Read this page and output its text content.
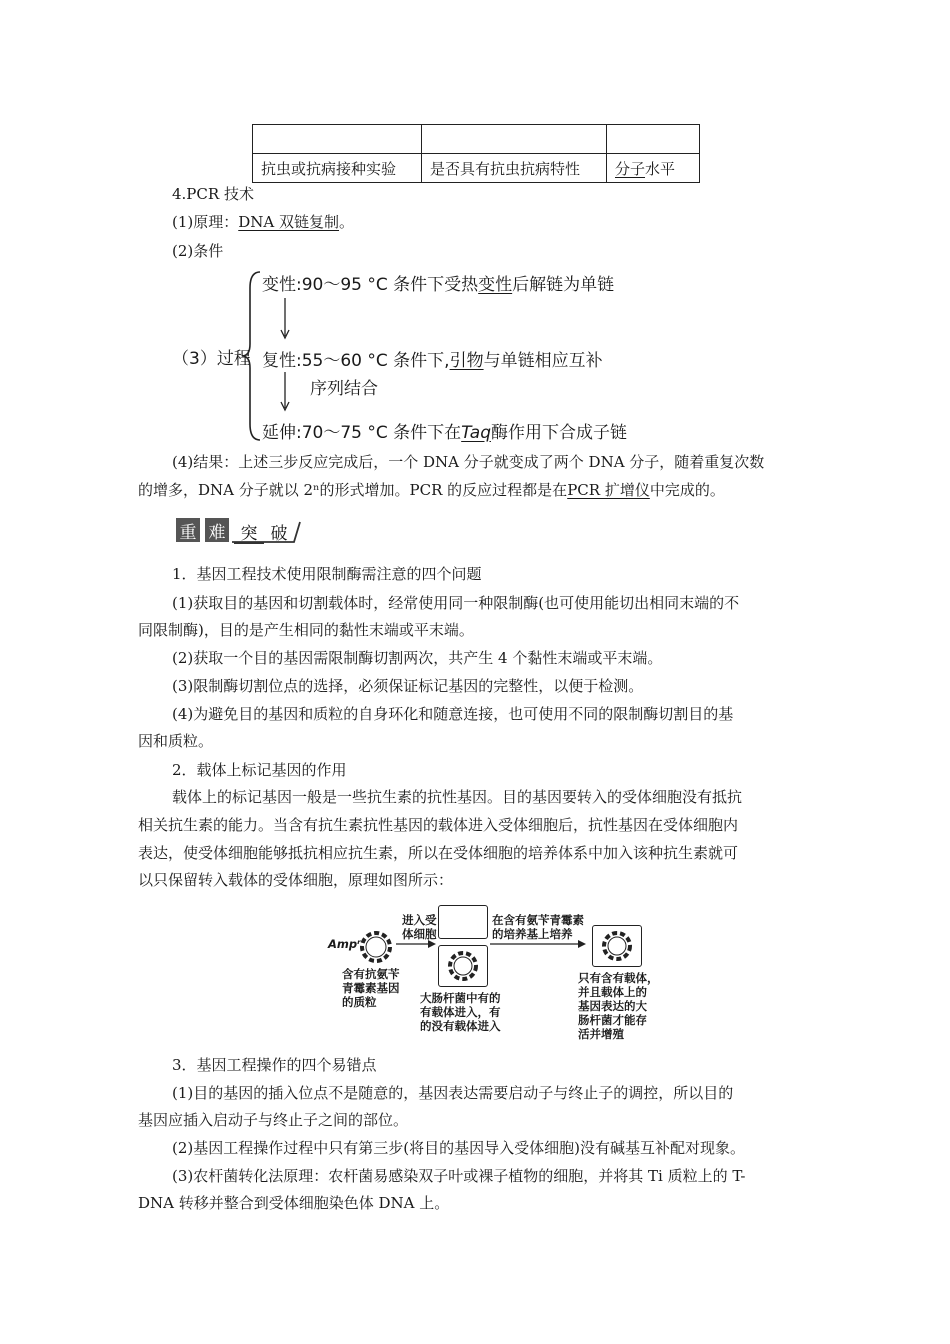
抗虫或抗病接种实验	是否具有抗虫抗病特性	分子水平
4.PCR 技术
(1)原理：DNA 双链复制。
(2)条件
（3）过程
变性:90～95 °C 条件下受热变性后解链为单链
复性:55～60 °C 条件下,引物与单链相应互补
序列结合
延伸:70～75 °C 条件下在Taq酶作用下合成子链
(4)结果：上述三步反应完成后，一个 DNA 分子就变成了两个 DNA 分子，随着重复次数
的增多，DNA 分子就以 2ⁿ的形式增加。PCR 的反应过程都是在PCR 扩增仪中完成的。
重 难 突 破
1．基因工程技术使用限制酶需注意的四个问题
(1)获取目的基因和切割载体时，经常使用同一种限制酶(也可使用能切出相同末端的不
同限制酶)，目的是产生相同的黏性末端或平末端。
(2)获取一个目的基因需限制酶切割两次，共产生 4 个黏性末端或平末端。
(3)限制酶切割位点的选择，必须保证标记基因的完整性，以便于检测。
(4)为避免目的基因和质粒的自身环化和随意连接，也可使用不同的限制酶切割目的基
因和质粒。
2．载体上标记基因的作用
载体上的标记基因一般是一些抗生素的抗性基因。目的基因要转入的受体细胞没有抵抗
相关抗生素的能力。当含有抗生素抗性基因的载体进入受体细胞后，抗性基因在受体细胞内
表达，使受体细胞能够抵抗相应抗生素，所以在受体细胞的培养体系中加入该种抗生素就可
以只保留转入载体的受体细胞，原理如图所示：
Ampʳ
含有抗氨苄
青霉素基因
的质粒
进入受
体细胞
大肠杆菌中有的
有载体进入，有
的没有载体进入
在含有氨苄青霉素
的培养基上培养
只有含有载体，
并且载体上的
基因表达的大
肠杆菌才能存
活并增殖
3．基因工程操作的四个易错点
(1)目的基因的插入位点不是随意的，基因表达需要启动子与终止子的调控，所以目的
基因应插入启动子与终止子之间的部位。
(2)基因工程操作过程中只有第三步(将目的基因导入受体细胞)没有碱基互补配对现象。
(3)农杆菌转化法原理：农杆菌易感染双子叶或裸子植物的细胞，并将其 Ti 质粒上的 T-
DNA 转移并整合到受体细胞染色体 DNA 上。
